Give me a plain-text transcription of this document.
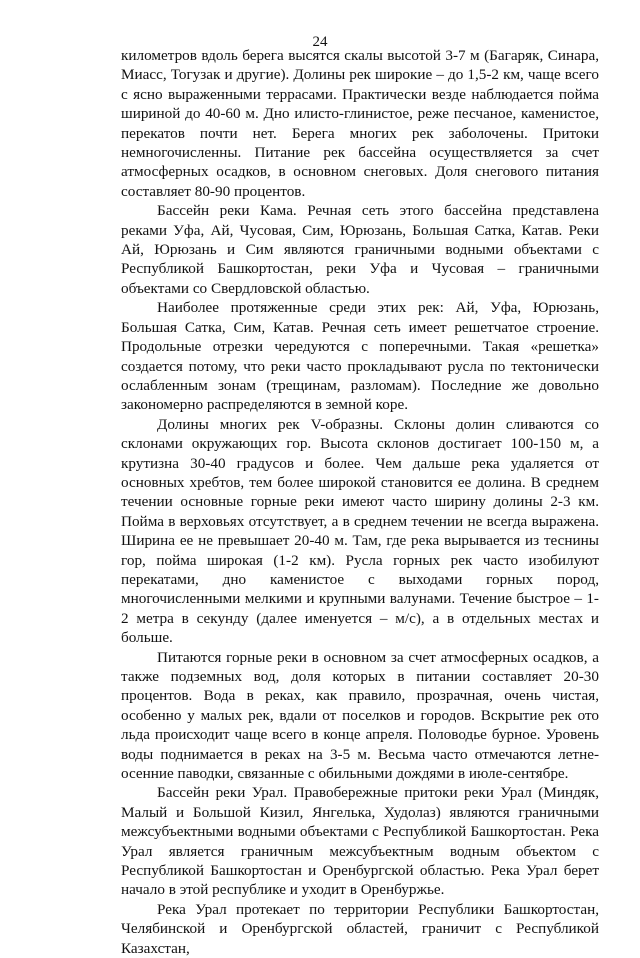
24

километров вдоль берега высятся скалы высотой 3-7 м (Багаряк, Синара, Миасс, Тогузак и другие). Долины рек широкие – до 1,5-2 км, чаще всего с ясно выраженными террасами. Практически везде наблюдается пойма шириной до 40-60 м. Дно илисто-глинистое, реже песчаное, каменистое, перекатов почти нет. Берега многих рек заболочены. Притоки немногочисленны. Питание рек бассейна осуществляется за счет атмосферных осадков, в основном снеговых. Доля снегового питания составляет 80-90 процентов.

Бассейн реки Кама. Речная сеть этого бассейна представлена реками Уфа, Ай, Чусовая, Сим, Юрюзань, Большая Сатка, Катав. Реки Ай, Юрюзань и Сим являются граничными водными объектами с Республикой Башкортостан, реки Уфа и Чусовая – граничными объектами со Свердловской областью.

Наиболее протяженные среди этих рек: Ай, Уфа, Юрюзань, Большая Сатка, Сим, Катав. Речная сеть имеет решетчатое строение. Продольные отрезки чередуются с поперечными. Такая «решетка» создается потому, что реки часто прокладывают русла по тектонически ослабленным зонам (трещинам, разломам). Последние же довольно закономерно распределяются в земной коре.

Долины многих рек V-образны. Склоны долин сливаются со склонами окружающих гор. Высота склонов достигает 100-150 м, а крутизна 30-40 градусов и более. Чем дальше река удаляется от основных хребтов, тем более широкой становится ее долина. В среднем течении основные горные реки имеют часто ширину долины 2-3 км. Пойма в верховьях отсутствует, а в среднем течении не всегда выражена. Ширина ее не превышает 20-40 м. Там, где река вырывается из теснины гор, пойма широкая (1-2 км). Русла горных рек часто изобилуют перекатами, дно каменистое с выходами горных пород, многочисленными мелкими и крупными валунами. Течение быстрое – 1-2 метра в секунду (далее именуется – м/с), а в отдельных местах и больше.

Питаются горные реки в основном за счет атмосферных осадков, а также подземных вод, доля которых в питании составляет 20-30 процентов. Вода в реках, как правило, прозрачная, очень чистая, особенно у малых рек, вдали от поселков и городов. Вскрытие рек ото льда происходит чаще всего в конце апреля. Половодье бурное. Уровень воды поднимается в реках на 3-5 м. Весьма часто отмечаются летне-осенние паводки, связанные с обильными дождями в июле-сентябре.

Бассейн реки Урал. Правобережные притоки реки Урал (Миндяк, Малый и Большой Кизил, Янгелька, Худолаз) являются граничными межсубъектными водными объектами с Республикой Башкортостан. Река Урал является граничным межсубъектным водным объектом с Республикой Башкортостан и Оренбургской областью. Река Урал берет начало в этой республике и уходит в Оренбуржье.

Река Урал протекает по территории Республики Башкортостан, Челябинской и Оренбургской областей, граничит с Республикой Казахстан,
